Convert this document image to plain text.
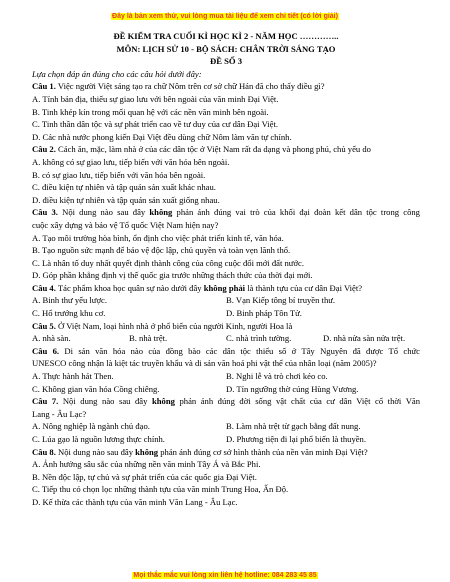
Đây là bản xem thử, vui lòng mua tài liệu để xem chi tiết (có lời giải)
ĐỀ KIỂM TRA CUỐI KÌ HỌC KÌ 2 - NĂM HỌC …………..
MÔN: LỊCH SỬ 10 - BỘ SÁCH: CHÂN TRỜI SÁNG TẠO
ĐỀ SỐ 3
Lựa chọn đáp án đúng cho các câu hỏi dưới đây:
Câu 1. Việc người Việt sáng tạo ra chữ Nôm trên cơ sở chữ Hán đã cho thấy điều gì?
A. Tính bản địa, thiếu sự giao lưu với bên ngoài của văn minh Đại Việt.
B. Tinh khép kín trong mối quan hệ với các nền văn minh bên ngoài.
C. Tinh thần dân tộc và sự phát triển cao về tư duy của cư dân Đại Việt.
D. Các nhà nước phong kiến Đại Việt đều dùng chữ Nôm làm văn tự chính.
Câu 2. Cách ăn, mặc, làm nhà ở của các dân tộc ở Việt Nam rất đa dạng và phong phú, chủ yếu do
A. không có sự giao lưu, tiếp biến với văn hóa bên ngoài.
B. có sự giao lưu, tiếp biến với văn hóa bên ngoài.
C. điều kiện tự nhiên và tập quán sản xuất khác nhau.
D. điều kiện tự nhiên và tập quán sản xuất giống nhau.
Câu 3. Nội dung nào sau đây không phản ánh đúng vai trò của khối đại đoàn kết dân tộc trong công
cuộc xây dựng và bảo vệ Tổ quốc Việt Nam hiện nay?
A. Tạo môi trường hòa bình, ổn định cho việc phát triển kinh tế, văn hóa.
B. Tạo nguồn sức mạnh để bảo vệ độc lập, chủ quyền và toàn vẹn lãnh thổ.
C. Là nhân tố duy nhất quyết định thành công của công cuộc đổi mới đất nước.
D. Góp phần khẳng định vị thế quốc gia trước những thách thức của thời đại mới.
Câu 4. Tác phẩm khoa học quân sự nào dưới đây không phải là thành tựu của cư dân Đại Việt?
A. Binh thư yếu lược.	B. Vạn Kiếp tông bí truyền thư.
C. Hổ trướng khu cơ.	D. Binh pháp Tôn Tử.
Câu 5. Ở Việt Nam, loại hình nhà ở phổ biến của người Kinh, người Hoa là
A. nhà sàn.	B. nhà trệt.	C. nhà trình tường.	D. nhà nửa sàn nửa trệt.
Câu 6. Di sản văn hóa nào của đồng bào các dân tộc thiểu số ở Tây Nguyên đã được Tổ chức
UNESCO công nhận là kiệt tác truyền khẩu và di sản văn hoá phi vật thể của nhân loại (năm 2005)?
A. Thực hành hát Then.	B. Nghi lễ và trò chơi kéo co.
C. Không gian văn hóa Cồng chiêng.	D. Tín ngưỡng thờ cúng Hùng Vương.
Câu 7. Nội dung nào sau đây không phản ánh đúng đời sống vật chất của cư dân Việt cổ thời Văn
Lang - Âu Lạc?
A. Nông nghiệp là ngành chủ đạo.	B. Làm nhà trệt từ gạch bằng đất nung.
C. Lúa gạo là nguồn lương thực chính.	D. Phương tiện đi lại phổ biến là thuyền.
Câu 8. Nội dung nào sau đây không phản ánh đúng cơ sở hình thành của nền văn minh Đại Việt?
A. Ảnh hưởng sâu sắc của những nền văn minh Tây Á và Bắc Phi.
B. Nền độc lập, tự chủ và sự phát triển của các quốc gia Đại Việt.
C. Tiếp thu có chọn lọc những thành tựu của văn minh Trung Hoa, Ấn Độ.
D. Kế thừa các thành tựu của văn minh Văn Lang - Âu Lạc.
Mọi thắc mắc vui lòng xin liên hệ hotline: 084 283 45 85
